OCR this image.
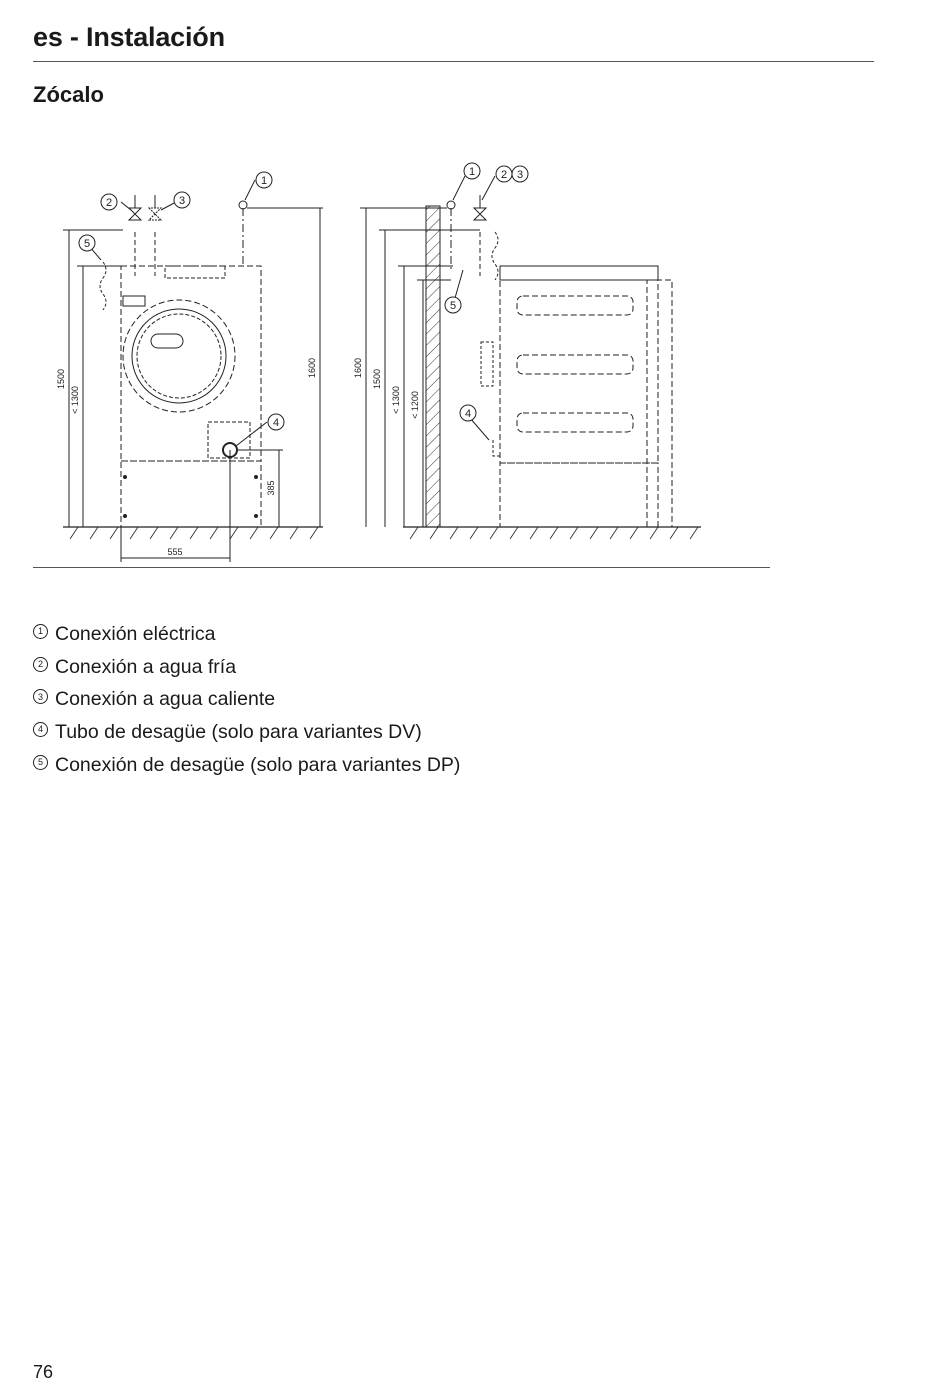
es - Instalación
Zócalo
1
2	3
4
5
1 2 3
5
4
1500
< 1300
1600
385
555
1600
1500
< 1300 < 1200
1 Conexión eléctrica
2 Conexión a agua fría
3 Conexión a agua caliente
4 Tubo de desagüe (solo para variantes DV)
5 Conexión de desagüe (solo para variantes DP)
76
